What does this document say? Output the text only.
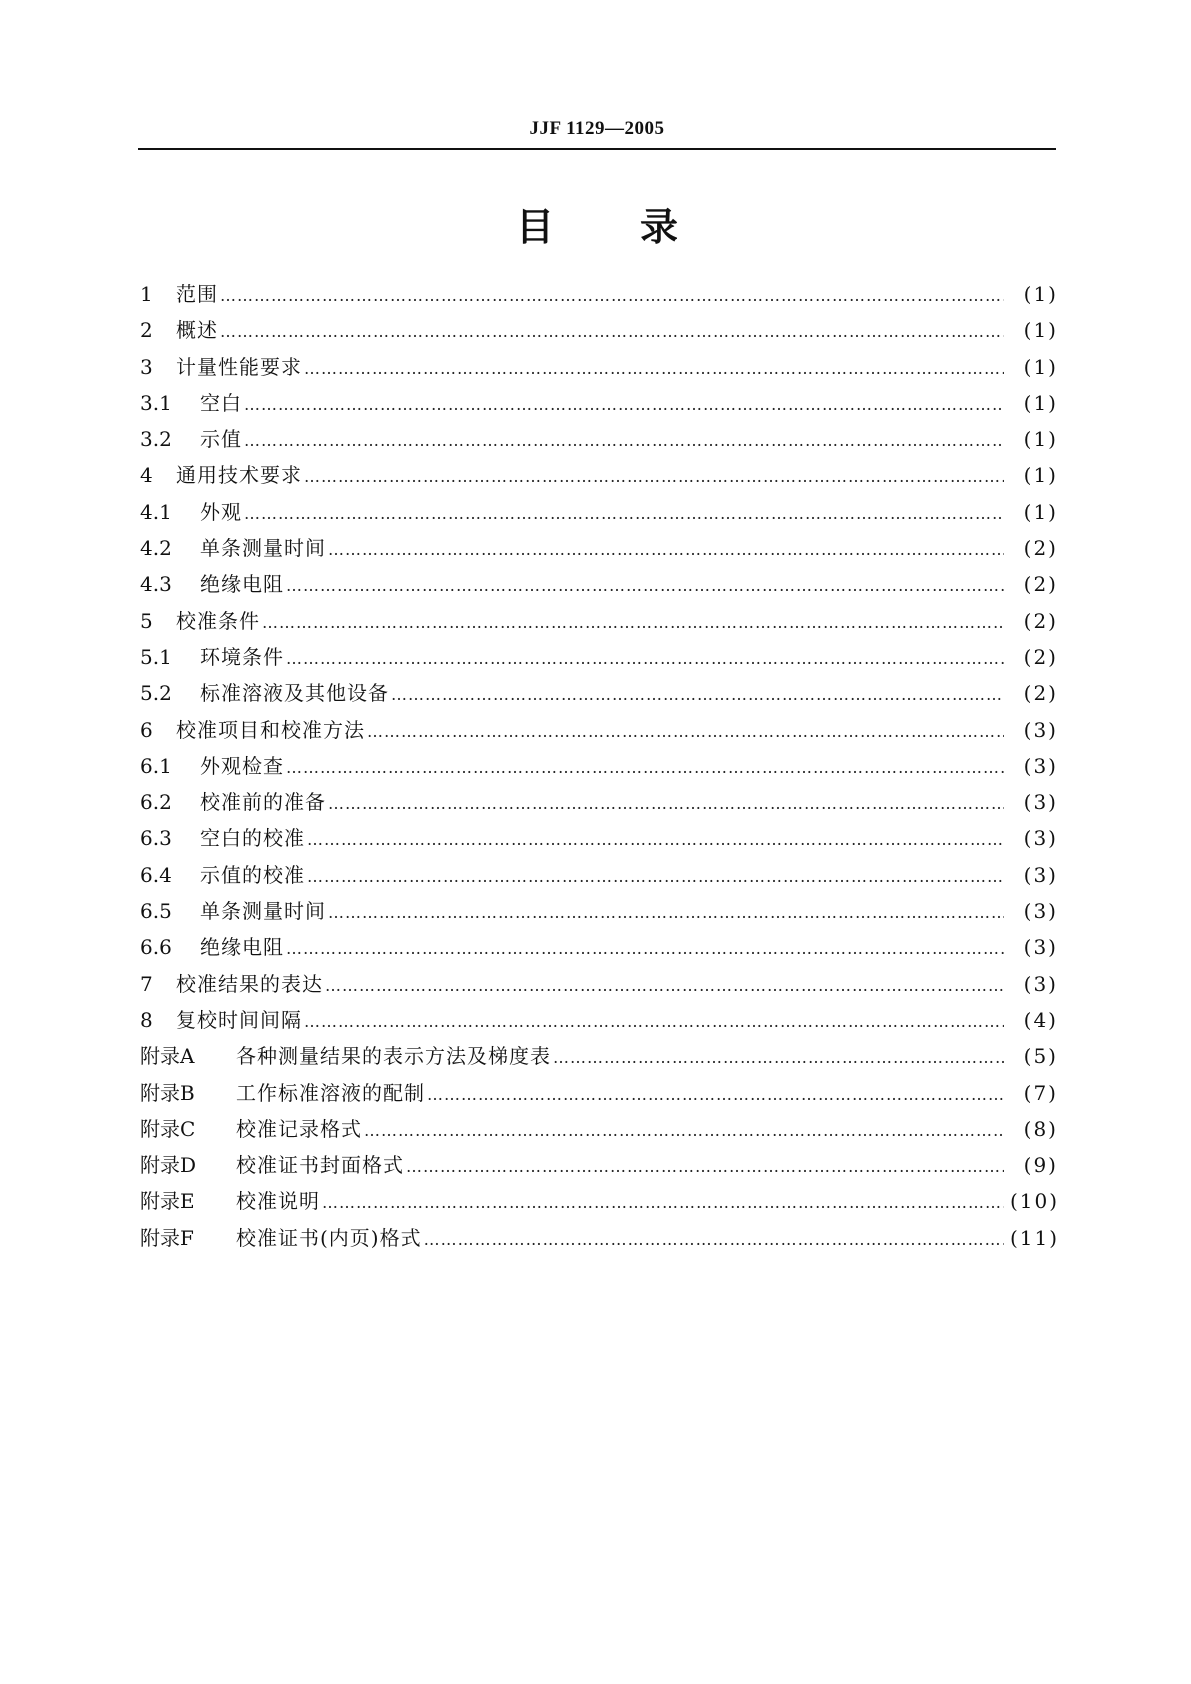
JJF 1129—2005
目 录
1	范围 ……………………………………………………………………………………………………………………………………………………………………………………	(1)
2	概述 ……………………………………………………………………………………………………………………………………………………………………………………	(1)
3	计量性能要求 ……………………………………………………………………………………………………………………………………………………………………………………	(1)
3.1	空白 ……………………………………………………………………………………………………………………………………………………………………………………	(1)
3.2	示值 ……………………………………………………………………………………………………………………………………………………………………………………	(1)
4	通用技术要求 ……………………………………………………………………………………………………………………………………………………………………………………	(1)
4.1	外观 ……………………………………………………………………………………………………………………………………………………………………………………	(1)
4.2	单条测量时间 ……………………………………………………………………………………………………………………………………………………………………………………	(2)
4.3	绝缘电阻 ……………………………………………………………………………………………………………………………………………………………………………………	(2)
5	校准条件 ……………………………………………………………………………………………………………………………………………………………………………………	(2)
5.1	环境条件 ……………………………………………………………………………………………………………………………………………………………………………………	(2)
5.2	标准溶液及其他设备 ……………………………………………………………………………………………………………………………………………………………………………………	(2)
6	校准项目和校准方法 ……………………………………………………………………………………………………………………………………………………………………………………	(3)
6.1	外观检查 ……………………………………………………………………………………………………………………………………………………………………………………	(3)
6.2	校准前的准备 ……………………………………………………………………………………………………………………………………………………………………………………	(3)
6.3	空白的校准 ……………………………………………………………………………………………………………………………………………………………………………………	(3)
6.4	示值的校准 ……………………………………………………………………………………………………………………………………………………………………………………	(3)
6.5	单条测量时间 ……………………………………………………………………………………………………………………………………………………………………………………	(3)
6.6	绝缘电阻 ……………………………………………………………………………………………………………………………………………………………………………………	(3)
7	校准结果的表达 ……………………………………………………………………………………………………………………………………………………………………………………	(3)
8	复校时间间隔 ……………………………………………………………………………………………………………………………………………………………………………………	(4)
附录A	各种测量结果的表示方法及梯度表 ……………………………………………………………………………………………………………………………………………………………………………………	(5)
附录B	工作标准溶液的配制 ……………………………………………………………………………………………………………………………………………………………………………………	(7)
附录C	校准记录格式 ……………………………………………………………………………………………………………………………………………………………………………………	(8)
附录D	校准证书封面格式 ……………………………………………………………………………………………………………………………………………………………………………………	(9)
附录E	校准说明 ……………………………………………………………………………………………………………………………………………………………………………………	(10)
附录F	校准证书(内页)格式 ……………………………………………………………………………………………………………………………………………………………………………………	(11)
